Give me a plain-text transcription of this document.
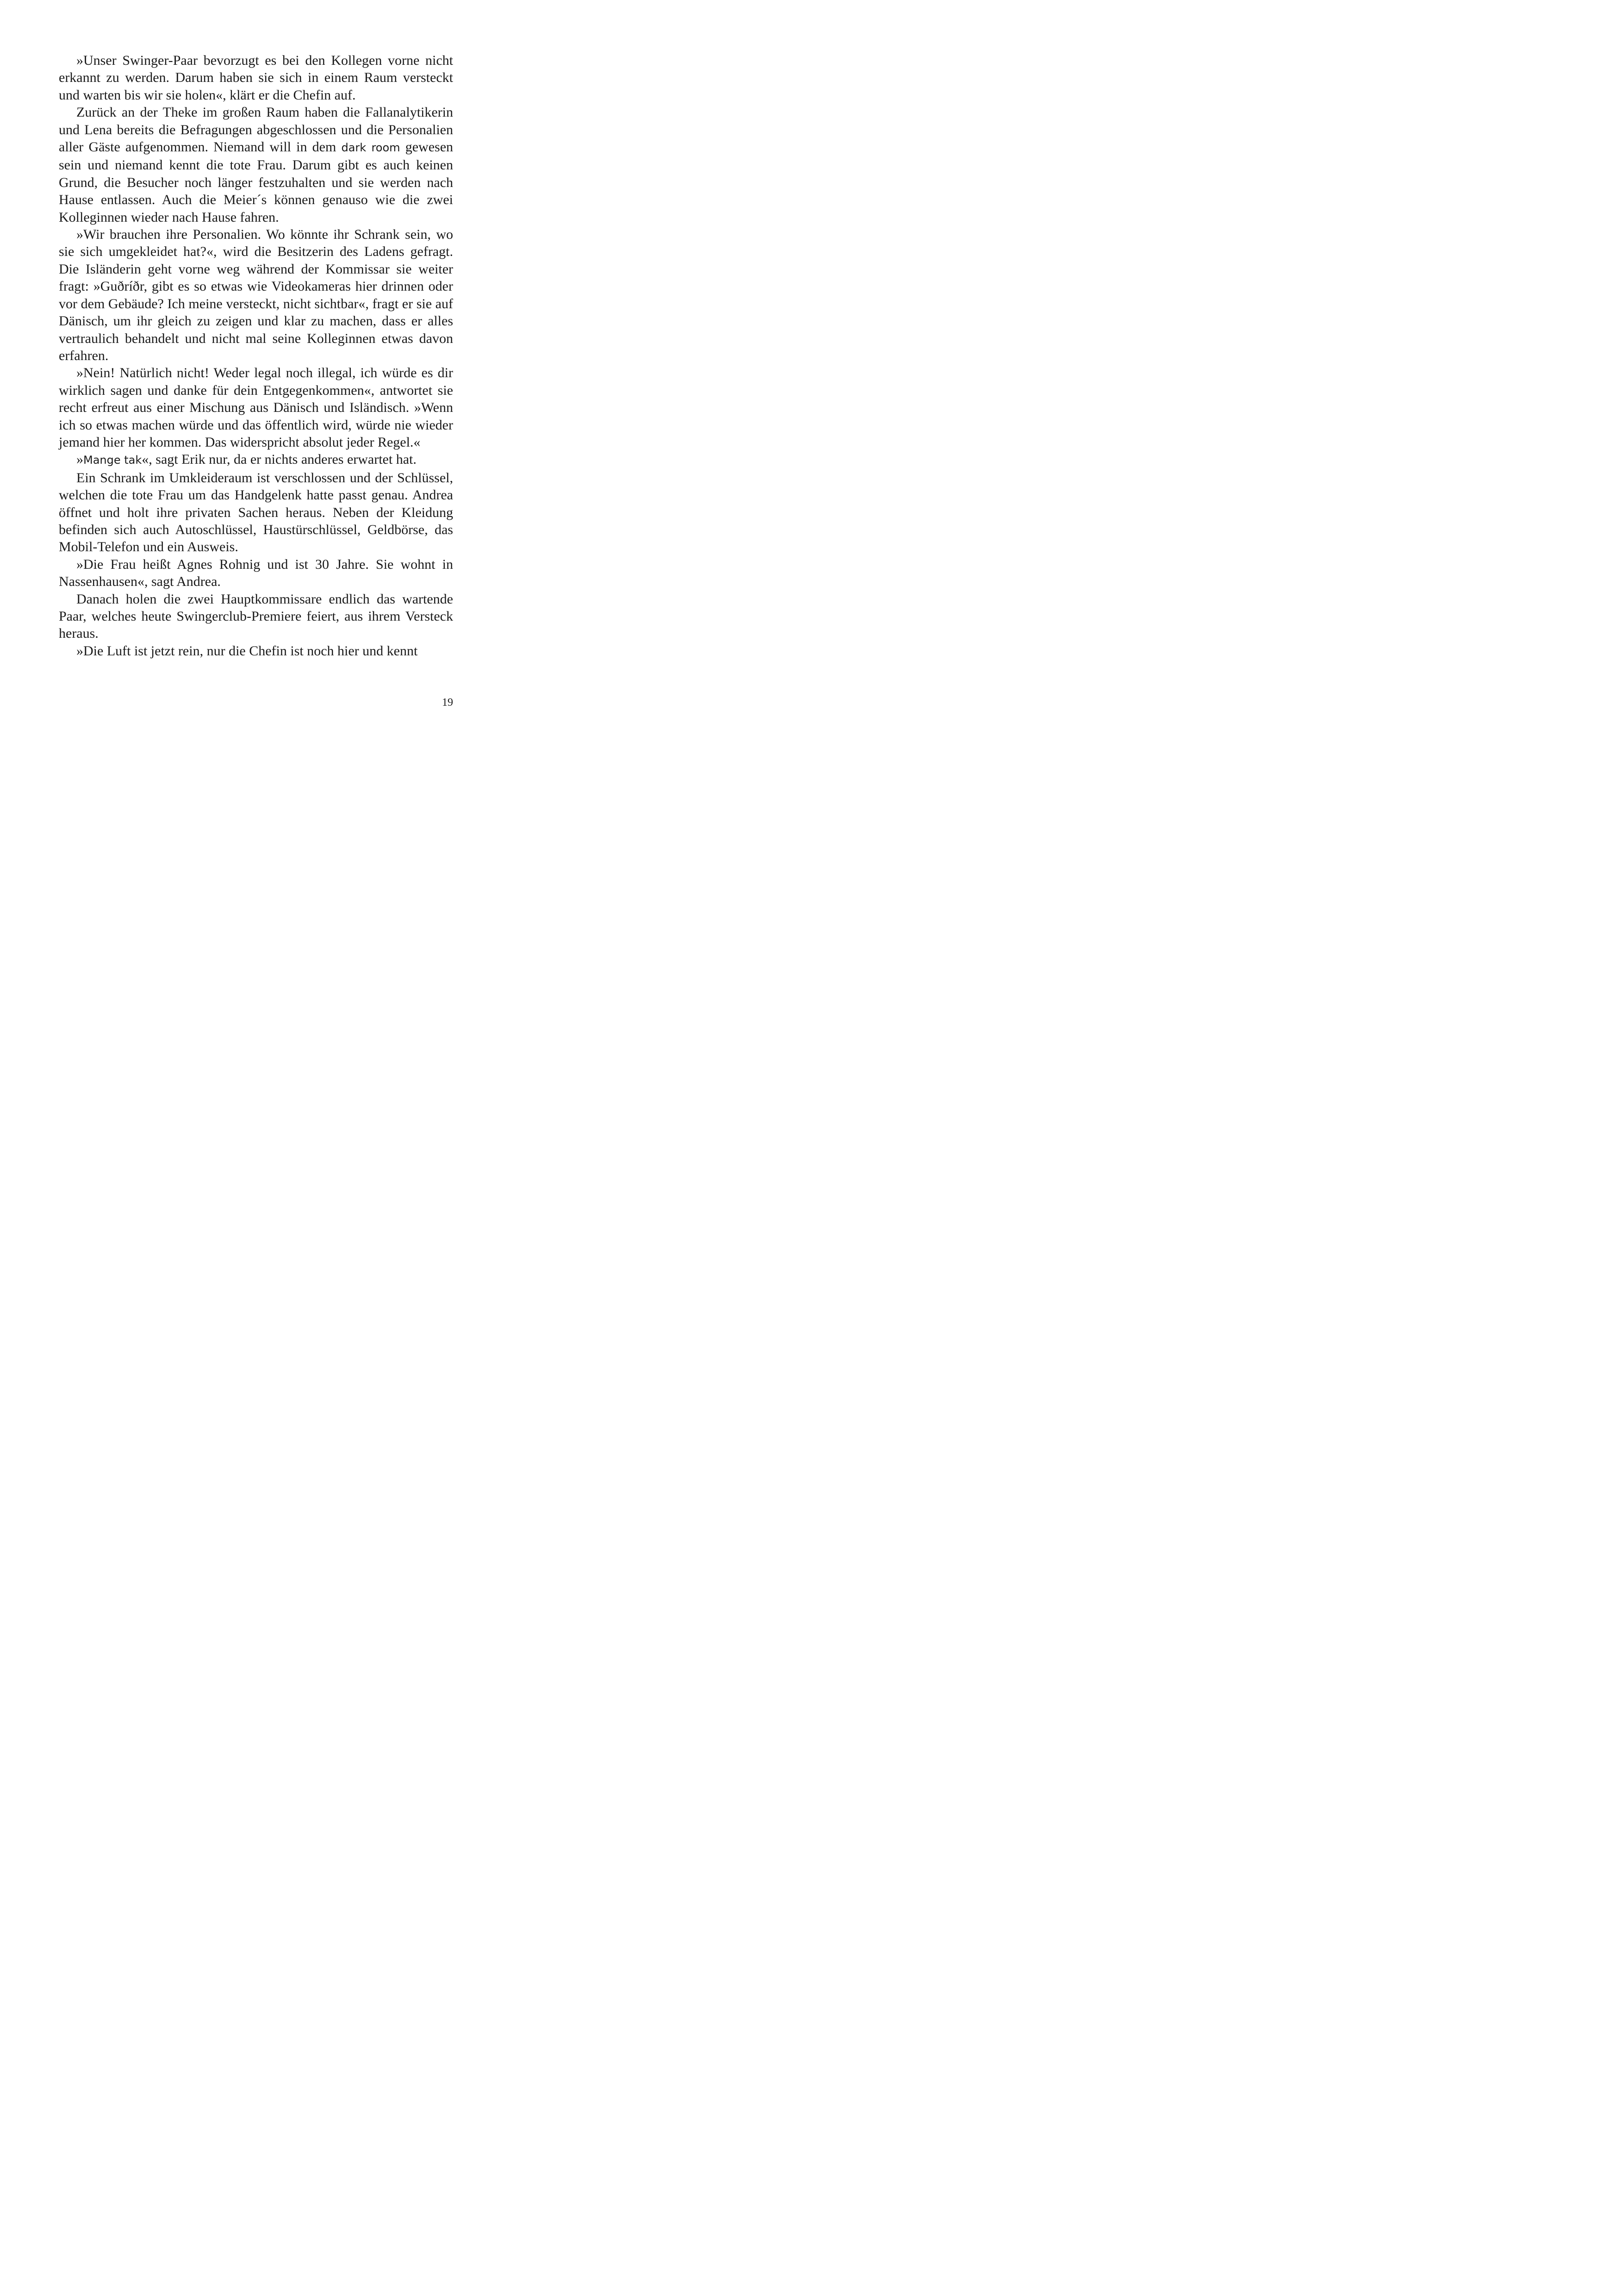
»Unser Swinger-Paar bevorzugt es bei den Kollegen vorne nicht erkannt zu werden. Darum haben sie sich in einem Raum versteckt und warten bis wir sie holen«, klärt er die Chefin auf.

Zurück an der Theke im großen Raum haben die Fallanalytikerin und Lena bereits die Befragungen abgeschlossen und die Personalien aller Gäste aufgenommen. Niemand will in dem dark room gewesen sein und niemand kennt die tote Frau. Darum gibt es auch keinen Grund, die Besucher noch länger festzuhalten und sie werden nach Hause entlassen. Auch die Meier´s können genauso wie die zwei Kolleginnen wieder nach Hause fahren.

»Wir brauchen ihre Personalien. Wo könnte ihr Schrank sein, wo sie sich umgekleidet hat?«, wird die Besitzerin des Ladens gefragt. Die Isländerin geht vorne weg während der Kommissar sie weiter fragt: »Guðríðr, gibt es so etwas wie Videokameras hier drinnen oder vor dem Gebäude? Ich meine versteckt, nicht sichtbar«, fragt er sie auf Dänisch, um ihr gleich zu zeigen und klar zu machen, dass er alles vertraulich behandelt und nicht mal seine Kolleginnen etwas davon erfahren.

»Nein! Natürlich nicht! Weder legal noch illegal, ich würde es dir wirklich sagen und danke für dein Entgegenkommen«, antwortet sie recht erfreut aus einer Mischung aus Dänisch und Isländisch. »Wenn ich so etwas machen würde und das öffentlich wird, würde nie wieder jemand hier her kommen. Das widerspricht absolut jeder Regel.«

»Mange tak«, sagt Erik nur, da er nichts anderes erwartet hat.

Ein Schrank im Umkleideraum ist verschlossen und der Schlüssel, welchen die tote Frau um das Handgelenk hatte passt genau. Andrea öffnet und holt ihre privaten Sachen heraus. Neben der Kleidung befinden sich auch Autoschlüssel, Haustürschlüssel, Geldbörse, das Mobil-Telefon und ein Ausweis.

»Die Frau heißt Agnes Rohnig und ist 30 Jahre. Sie wohnt in Nassenhausen«, sagt Andrea.

Danach holen die zwei Hauptkommissare endlich das wartende Paar, welches heute Swingerclub-Premiere feiert, aus ihrem Versteck heraus.

»Die Luft ist jetzt rein, nur die Chefin ist noch hier und kennt

19
